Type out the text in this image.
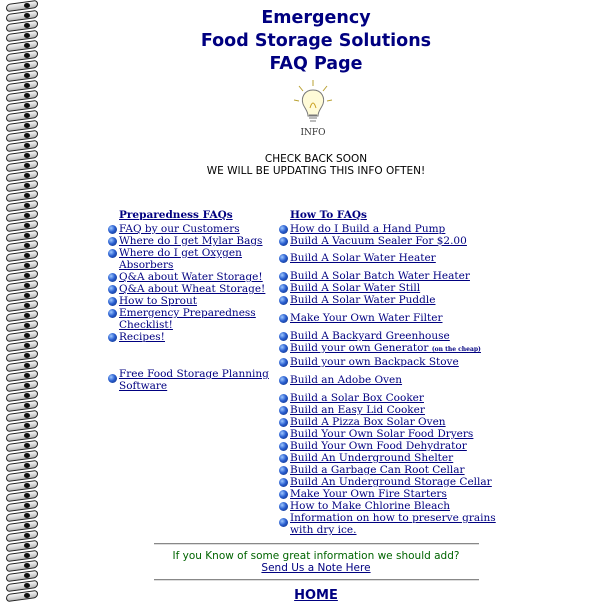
Emergency
Food Storage Solutions
FAQ Page
INFO
CHECK BACK SOON
WE WILL BE UPDATING THIS INFO OFTEN!
Preparedness FAQs
FAQ by our Customers
Where do I get Mylar Bags
Where do I get Oxygen Absorbers
Q&A about Water Storage!
Q&A about Wheat Storage!
How to Sprout
Emergency Preparedness Checklist!
Recipes!
Free Food Storage Planning Software
How To FAQs
How do I Build a Hand Pump
Build A Vacuum Sealer For $2.00
Build A Solar Water Heater
Build A Solar Batch Water Heater
Build A Solar Water Still
Build A Solar Water Puddle
Make Your Own Water Filter
Build A Backyard Greenhouse
Build your own Generator (on the cheap)
Build your own Backpack Stove
Build an Adobe Oven
Build a Solar Box Cooker
Build an Easy Lid Cooker
Build A Pizza Box Solar Oven
Build Your Own Solar Food Dryers
Build Your Own Food Dehydrator
Build An Underground Shelter
Build a Garbage Can Root Cellar
Build An Underground Storage Cellar
Make Your Own Fire Starters
How to Make Chlorine Bleach
Information on how to preserve grains with dry ice.
If you Know of some great information we should add?
Send Us a Note Here
HOME
